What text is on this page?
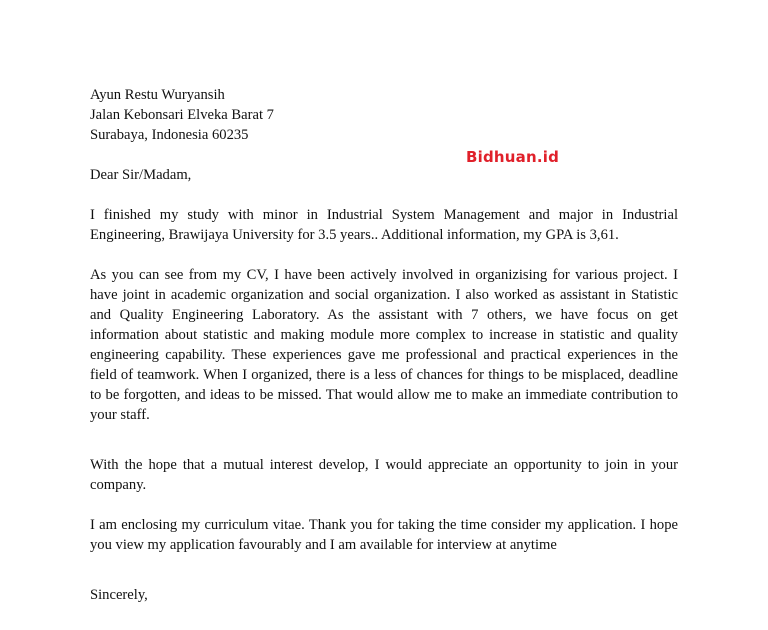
Bidhuan.id

Ayun Restu Wuryansih

Jalan Kebonsari Elveka Barat 7

Surabaya, Indonesia 60235

Dear Sir/Madam,

I finished my study with minor in Industrial System Management and major in Industrial Engineering, Brawijaya University for 3.5 years.. Additional information, my GPA is 3,61.

As you can see from my CV, I have been actively involved in organizising for various project. I have joint in academic organization and social organization. I also worked as assistant in Statistic and Quality Engineering Laboratory. As the assistant with 7 others, we have focus on get information about statistic and making module more complex to increase in statistic and quality engineering capability. These experiences gave me professional and practical experiences in the field of teamwork. When I organized, there is a less of chances for things to be misplaced, deadline to be forgotten, and ideas to be missed. That would allow me to make an immediate contribution to your staff.

With the hope that a mutual interest develop, I would appreciate an opportunity to join in your company.

I am enclosing my curriculum vitae. Thank you for taking the time consider my application. I hope you view my application favourably and I am available for interview at anytime

Sincerely,
